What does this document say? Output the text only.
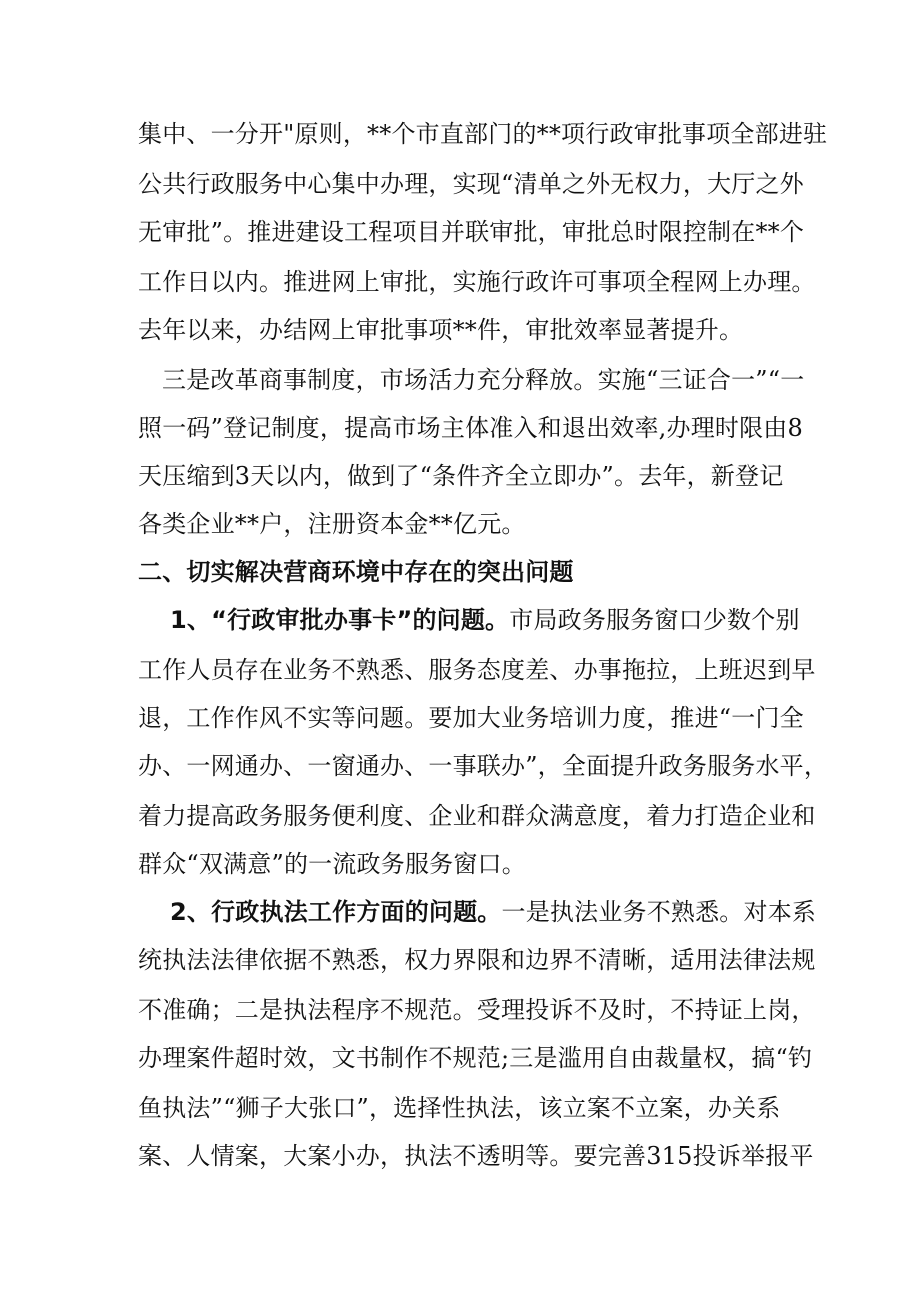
集中、一分开"原则，**个市直部门的**项行政审批事项全部进驻
公共行政服务中心集中办理，实现“清单之外无权力，大厅之外
无审批”。推进建设工程项目并联审批，审批总时限控制在**个
工作日以内。推进网上审批，实施行政许可事项全程网上办理。
去年以来，办结网上审批事项**件，审批效率显著提升。
三是改革商事制度，市场活力充分释放。实施“三证合一”“一
照一码”登记制度，提高市场主体准入和退出效率,办理时限由8
天压缩到3天以内，做到了“条件齐全立即办”。去年，新登记
各类企业**户，注册资本金**亿元。
二、切实解决营商环境中存在的突出问题
1、“行政审批办事卡”的问题。市局政务服务窗口少数个别
工作人员存在业务不熟悉、服务态度差、办事拖拉，上班迟到早
退，工作作风不实等问题。要加大业务培训力度，推进“一门全
办、一网通办、一窗通办、一事联办”，全面提升政务服务水平，
着力提高政务服务便利度、企业和群众满意度，着力打造企业和
群众“双满意”的一流政务服务窗口。
2、行政执法工作方面的问题。一是执法业务不熟悉。对本系
统执法法律依据不熟悉，权力界限和边界不清晰，适用法律法规
不准确；二是执法程序不规范。受理投诉不及时，不持证上岗，
办理案件超时效，文书制作不规范;三是滥用自由裁量权，搞“钓
鱼执法”“狮子大张口”，选择性执法，该立案不立案，办关系
案、人情案，大案小办，执法不透明等。要完善315投诉举报平
